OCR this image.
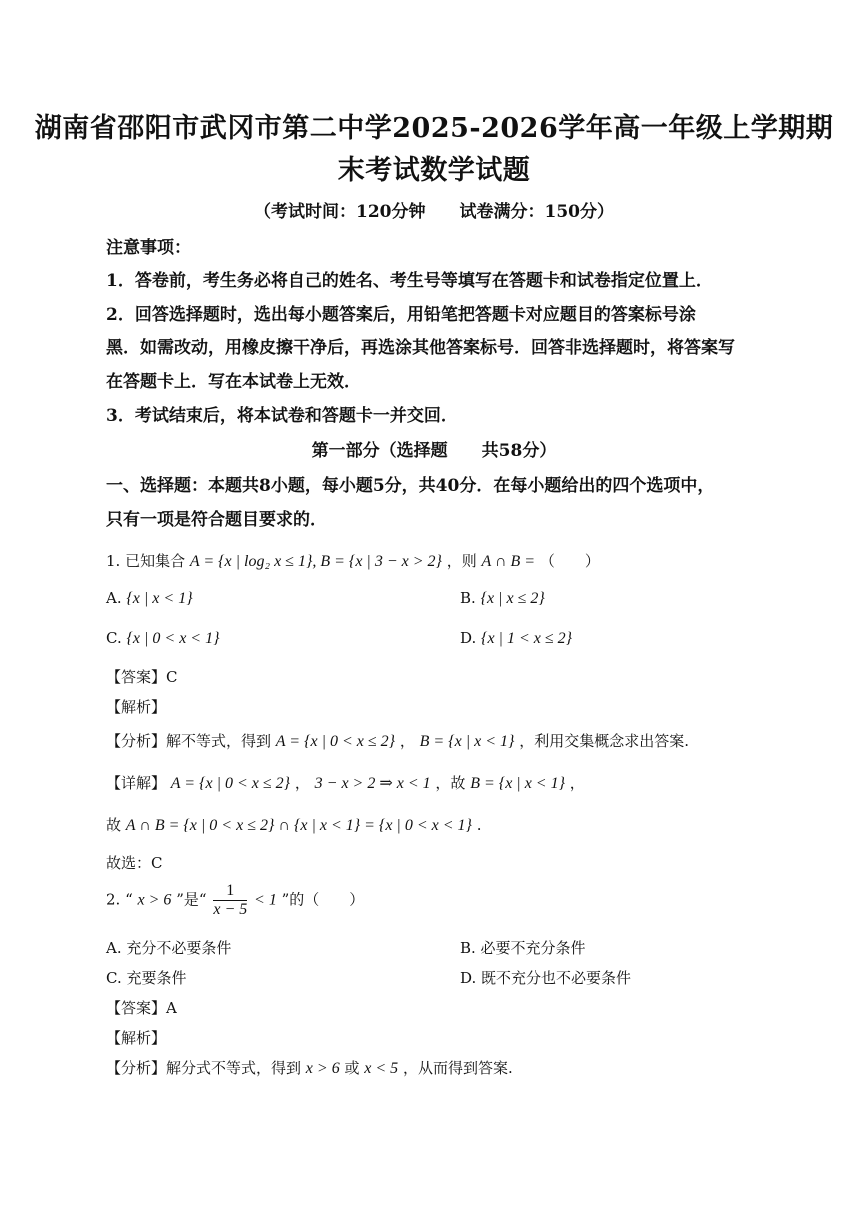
湖南省邵阳市武冈市第二中学2025-2026学年高一年级上学期期
末考试数学试题
（考试时间：120分钟　　试卷满分：150分）
注意事项：
1．答卷前，考生务必将自己的姓名、考生号等填写在答题卡和试卷指定位置上．
2．回答选择题时，选出每小题答案后，用铅笔把答题卡对应题目的答案标号涂
黑．如需改动，用橡皮擦干净后，再选涂其他答案标号．回答非选择题时，将答案写
在答题卡上．写在本试卷上无效．
3．考试结束后，将本试卷和答题卡一并交回．
第一部分（选择题　　共58分）
一、选择题：本题共8小题，每小题5分，共40分．在每小题给出的四个选项中，
只有一项是符合题目要求的．
1. 已知集合 A = {x | log₂ x ≤ 1}, B = {x | 3 − x > 2} ，则 A ∩ B = （　　）
A. {x | x < 1}	B. {x | x ≤ 2}
C. {x | 0 < x < 1}	D. {x | 1 < x ≤ 2}
【答案】C
【解析】
【分析】解不等式，得到 A = {x | 0 < x ≤ 2} ， B = {x | x < 1} ，利用交集概念求出答案.
【详解】 A = {x | 0 < x ≤ 2} ， 3 − x > 2 ⇒ x < 1 ，故 B = {x | x < 1} ，
故 A ∩ B = {x | 0 < x ≤ 2} ∩ {x | x < 1} = {x | 0 < x < 1} .
故选：C
2. “ x > 6 ”是“ $\frac{1}{x - 5} < 1$ ”的（　　）
A. 充分不必要条件	B. 必要不充分条件
C. 充要条件	D. 既不充分也不必要条件
【答案】A
【解析】
【分析】解分式不等式，得到 x > 6 或 x < 5 ，从而得到答案.
